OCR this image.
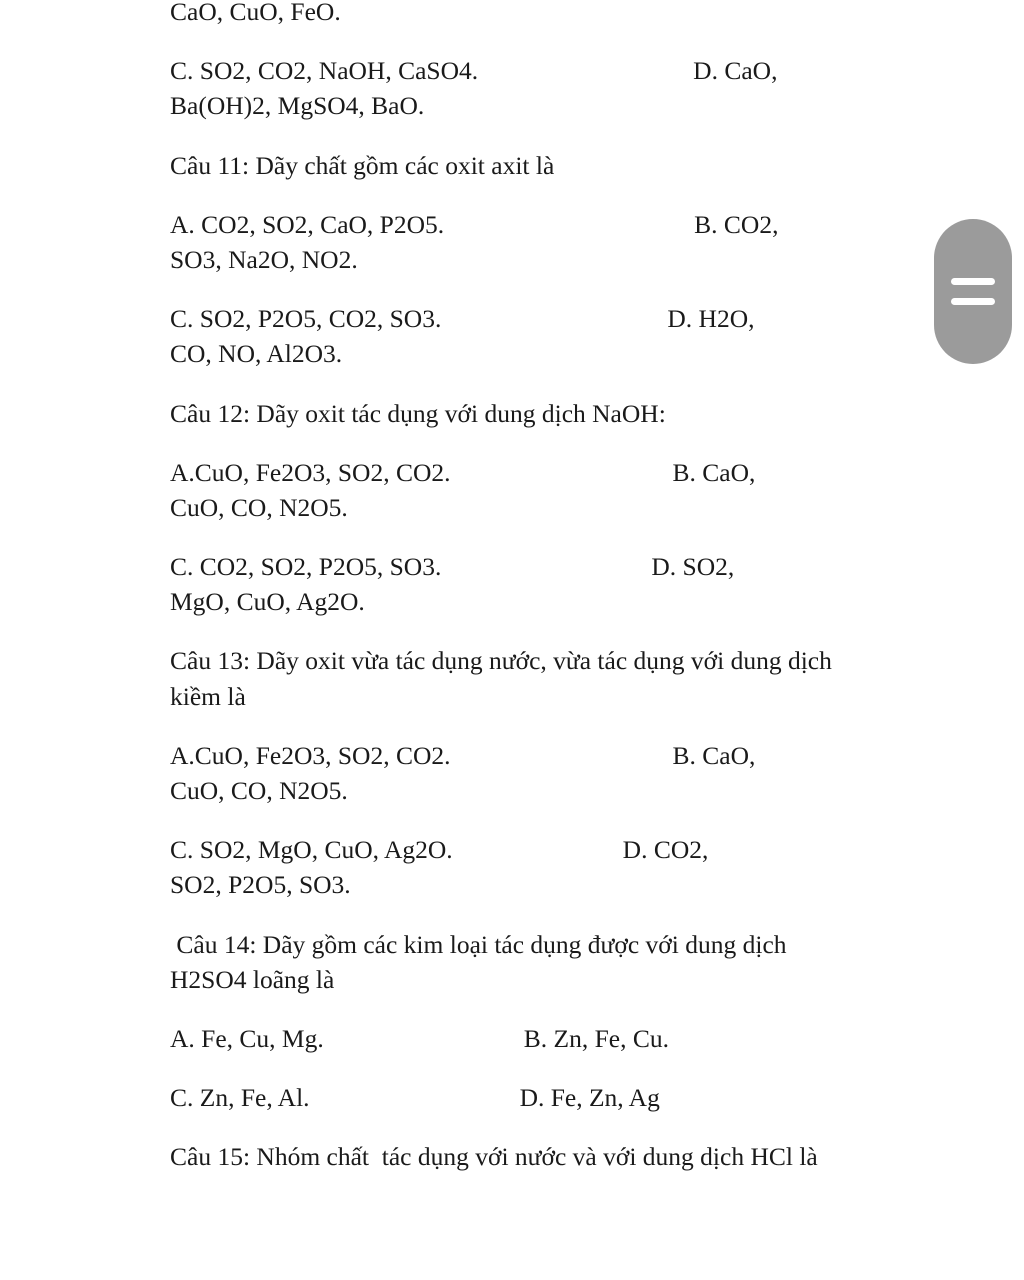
CaO, CuO, FeO.

C. SO2, CO2, NaOH, CaSO4.	D. CaO,
Ba(OH)2, MgSO4, BaO.

Câu 11: Dãy chất gồm các oxit axit là

A. CO2, SO2, CaO, P2O5.	B. CO2,
SO3, Na2O, NO2.

C. SO2, P2O5, CO2, SO3.	D. H2O,
CO, NO, Al2O3.

Câu 12: Dãy oxit tác dụng với dung dịch NaOH:

A.CuO, Fe2O3, SO2, CO2.	B. CaO,
CuO, CO, N2O5.

C. CO2, SO2, P2O5, SO3.	D. SO2,
MgO, CuO, Ag2O.

Câu 13: Dãy oxit vừa tác dụng nước, vừa tác dụng với dung dịch kiềm là

A.CuO, Fe2O3, SO2, CO2.	B. CaO,
CuO, CO, N2O5.

C. SO2, MgO, CuO, Ag2O.	D. CO2,
SO2, P2O5, SO3.

Câu 14: Dãy gồm các kim loại tác dụng được với dung dịch H2SO4 loãng là

A. Fe, Cu, Mg.	B. Zn, Fe, Cu.

C. Zn, Fe, Al.	D. Fe, Zn, Ag

Câu 15: Nhóm chất  tác dụng với nước và với dung dịch HCl là
